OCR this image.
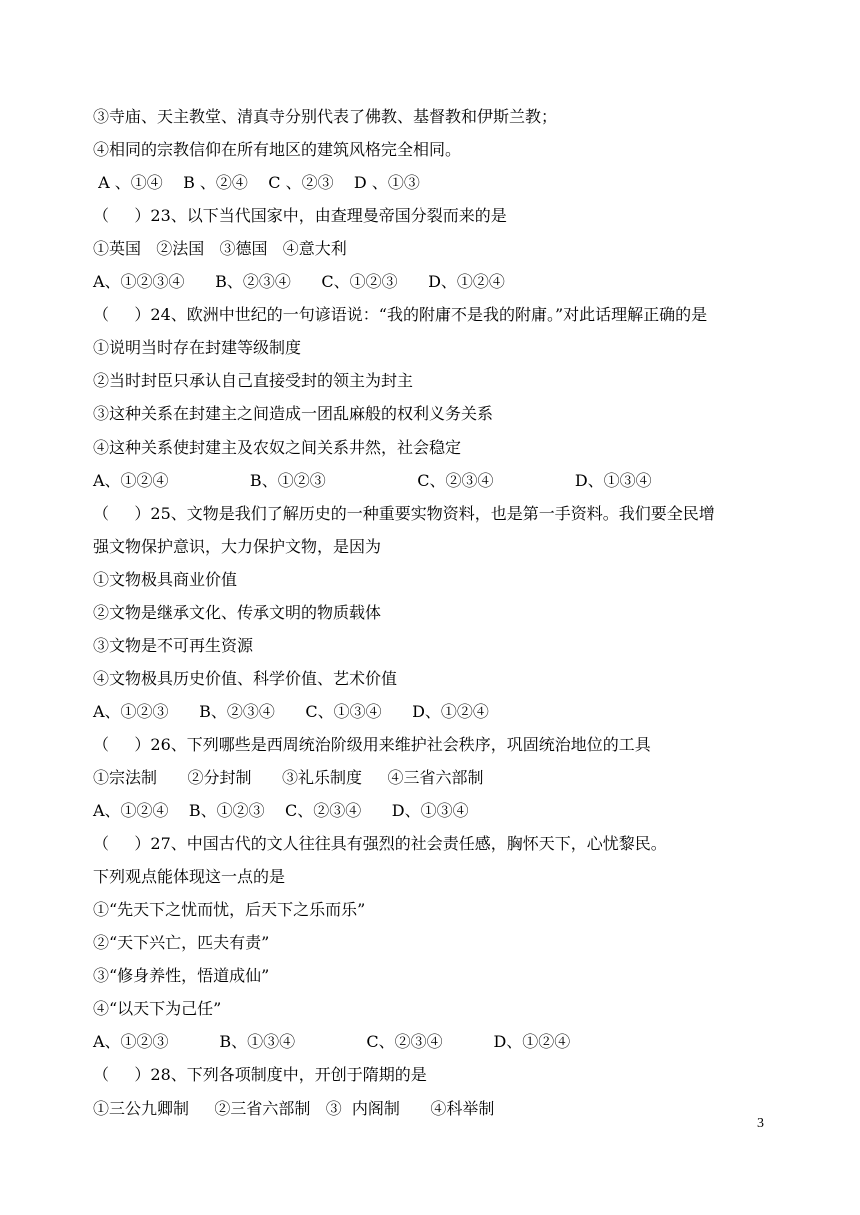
③寺庙、天主教堂、清真寺分别代表了佛教、基督教和伊斯兰教；
④相同的宗教信仰在所有地区的建筑风格完全相同。
A 、①④    B 、②④    C 、②③    D 、①③
（     ）23、以下当代国家中，由查理曼帝国分裂而来的是
①英国   ②法国   ③德国   ④意大利
A、①②③④      B、②③④      C、①②③      D、①②④
（     ）24、欧洲中世纪的一句谚语说：“我的附庸不是我的附庸。”对此话理解正确的是
①说明当时存在封建等级制度
②当时封臣只承认自己直接受封的领主为封主
③这种关系在封建主之间造成一团乱麻般的权利义务关系
④这种关系使封建主及农奴之间关系井然，社会稳定
A、①②④                B、①②③                  C、②③④                D、①③④
（     ）25、文物是我们了解历史的一种重要实物资料，也是第一手资料。我们要全民增
强文物保护意识，大力保护文物，是因为
①文物极具商业价值
②文物是继承文化、传承文明的物质载体
③文物是不可再生资源
④文物极具历史价值、科学价值、艺术价值
A、①②③      B、②③④      C、①③④      D、①②④
（     ）26、下列哪些是西周统治阶级用来维护社会秩序，巩固统治地位的工具
①宗法制      ②分封制      ③礼乐制度     ④三省六部制
A、①②④    B、①②③    C、②③④      D、①③④
（     ）27、中国古代的文人往往具有强烈的社会责任感，胸怀天下，心忧黎民。
下列观点能体现这一点的是
①“先天下之忧而忧，后天下之乐而乐”
②“天下兴亡，匹夫有责”
③“修身养性，悟道成仙”
④“以天下为己任”
A、①②③          B、①③④              C、②③④          D、①②④
（     ）28、下列各项制度中，开创于隋期的是
①三公九卿制     ②三省六部制   ③  内阁制      ④科举制
3
